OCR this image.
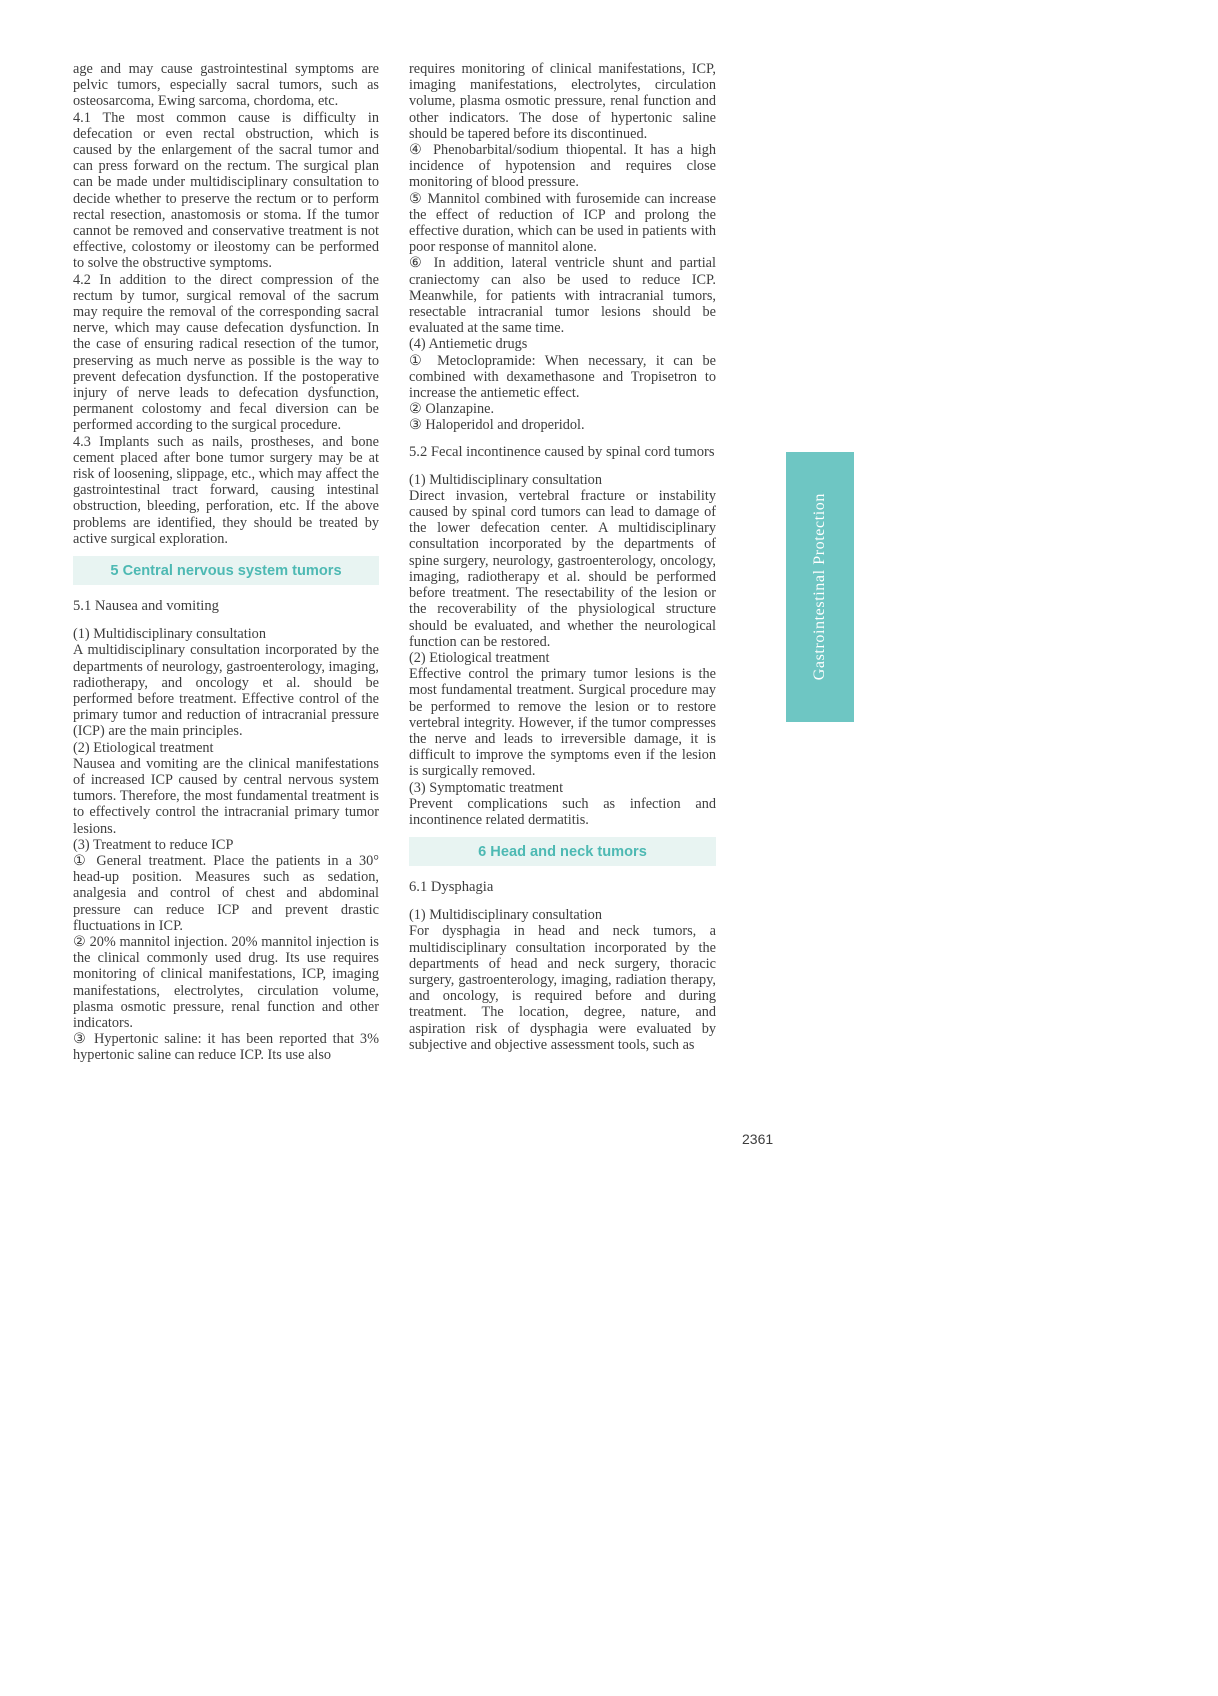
age and may cause gastrointestinal symptoms are pelvic tumors, especially sacral tumors, such as osteosarcoma, Ewing sarcoma, chordoma, etc.

4.1 The most common cause is difficulty in defecation or even rectal obstruction, which is caused by the enlargement of the sacral tumor and can press forward on the rectum. The surgical plan can be made under multidisciplinary consultation to decide whether to preserve the rectum or to perform rectal resection, anastomosis or stoma. If the tumor cannot be removed and conservative treatment is not effective, colostomy or ileostomy can be performed to solve the obstructive symptoms.

4.2 In addition to the direct compression of the rectum by tumor, surgical removal of the sacrum may require the removal of the corresponding sacral nerve, which may cause defecation dysfunction. In the case of ensuring radical resection of the tumor, preserving as much nerve as possible is the way to prevent defecation dysfunction. If the postoperative injury of nerve leads to defecation dysfunction, permanent colostomy and fecal diversion can be performed according to the surgical procedure.

4.3 Implants such as nails, prostheses, and bone cement placed after bone tumor surgery may be at risk of loosening, slippage, etc., which may affect the gastrointestinal tract forward, causing intestinal obstruction, bleeding, perforation, etc. If the above problems are identified, they should be treated by active surgical exploration.

5 Central nervous system tumors
5.1 Nausea and vomiting

(1) Multidisciplinary consultation

A multidisciplinary consultation incorporated by the departments of neurology, gastroenterology, imaging, radiotherapy, and oncology et al. should be performed before treatment. Effective control of the primary tumor and reduction of intracranial pressure (ICP) are the main principles.

(2) Etiological treatment

Nausea and vomiting are the clinical manifestations of increased ICP caused by central nervous system tumors. Therefore, the most fundamental treatment is to effectively control the intracranial primary tumor lesions.

(3) Treatment to reduce ICP

① General treatment. Place the patients in a 30° head-up position. Measures such as sedation, analgesia and control of chest and abdominal pressure can reduce ICP and prevent drastic fluctuations in ICP.

② 20% mannitol injection. 20% mannitol injection is the clinical commonly used drug. Its use requires monitoring of clinical manifestations, ICP, imaging manifestations, electrolytes, circulation volume, plasma osmotic pressure, renal function and other indicators.

③ Hypertonic saline: it has been reported that 3% hypertonic saline can reduce ICP. Its use also

requires monitoring of clinical manifestations, ICP, imaging manifestations, electrolytes, circulation volume, plasma osmotic pressure, renal function and other indicators. The dose of hypertonic saline should be tapered before its discontinued.

④ Phenobarbital/sodium thiopental. It has a high incidence of hypotension and requires close monitoring of blood pressure.

⑤ Mannitol combined with furosemide can increase the effect of reduction of ICP and prolong the effective duration, which can be used in patients with poor response of mannitol alone.

⑥ In addition, lateral ventricle shunt and partial craniectomy can also be used to reduce ICP. Meanwhile, for patients with intracranial tumors, resectable intracranial tumor lesions should be evaluated at the same time.

(4) Antiemetic drugs

① Metoclopramide: When necessary, it can be combined with dexamethasone and Tropisetron to increase the antiemetic effect.

② Olanzapine.

③ Haloperidol and droperidol.

5.2 Fecal incontinence caused by spinal cord tumors

(1) Multidisciplinary consultation

Direct invasion, vertebral fracture or instability caused by spinal cord tumors can lead to damage of the lower defecation center. A multidisciplinary consultation incorporated by the departments of spine surgery, neurology, gastroenterology, oncology, imaging, radiotherapy et al. should be performed before treatment. The resectability of the lesion or the recoverability of the physiological structure should be evaluated, and whether the neurological function can be restored.

(2) Etiological treatment

Effective control the primary tumor lesions is the most fundamental treatment. Surgical procedure may be performed to remove the lesion or to restore vertebral integrity. However, if the tumor compresses the nerve and leads to irreversible damage, it is difficult to improve the symptoms even if the lesion is surgically removed.

(3) Symptomatic treatment

Prevent complications such as infection and incontinence related dermatitis.

6 Head and neck tumors
6.1 Dysphagia

(1) Multidisciplinary consultation

For dysphagia in head and neck tumors, a multidisciplinary consultation incorporated by the departments of head and neck surgery, thoracic surgery, gastroenterology, imaging, radiation therapy, and oncology, is required before and during treatment. The location, degree, nature, and aspiration risk of dysphagia were evaluated by subjective and objective assessment tools, such as

Gastrointestinal Protection
2361
